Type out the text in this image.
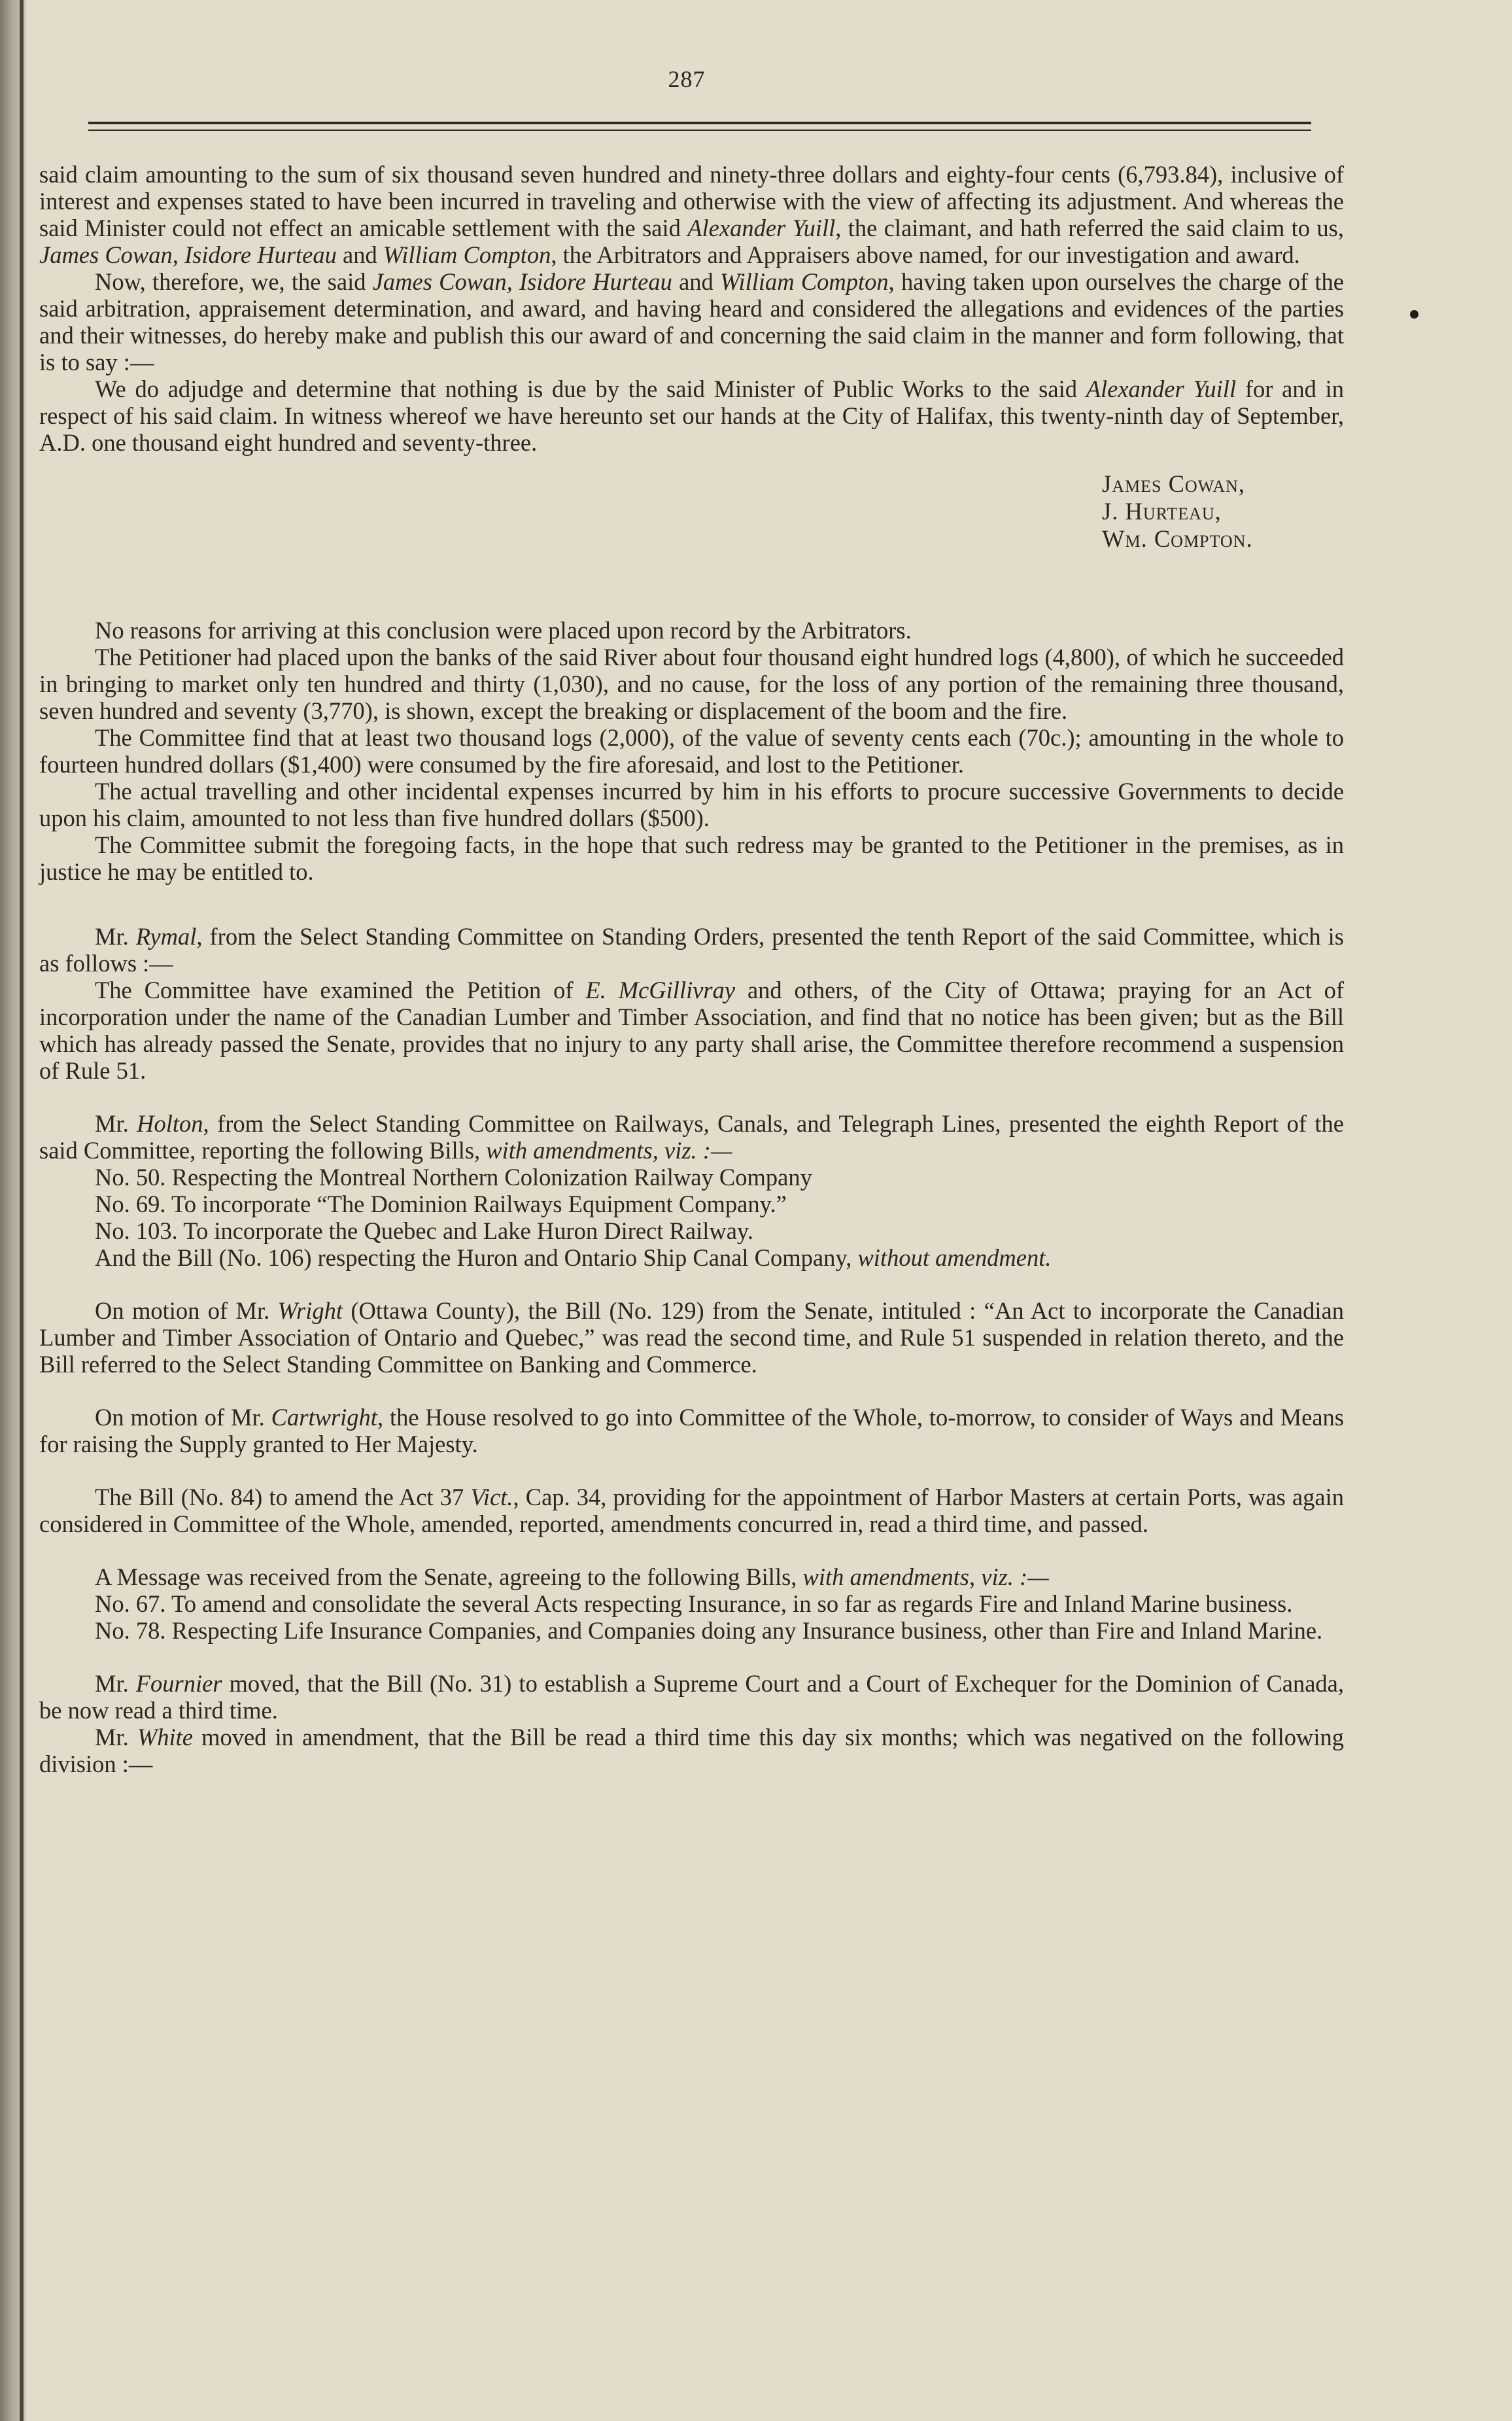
287

said claim amounting to the sum of six thousand seven hundred and ninety-three dollars and eighty-four cents (6,793.84), inclusive of interest and expenses stated to have been incurred in traveling and otherwise with the view of affecting its adjustment. And whereas the said Minister could not effect an amicable settlement with the said Alexander Yuill, the claimant, and hath referred the said claim to us, James Cowan, Isidore Hurteau and William Compton, the Arbitrators and Appraisers above named, for our investigation and award.

Now, therefore, we, the said James Cowan, Isidore Hurteau and William Compton, having taken upon ourselves the charge of the said arbitration, appraisement determination, and award, and having heard and considered the allegations and evidences of the parties and their witnesses, do hereby make and publish this our award of and concerning the said claim in the manner and form following, that is to say :—

We do adjudge and determine that nothing is due by the said Minister of Public Works to the said Alexander Yuill for and in respect of his said claim. In witness whereof we have hereunto set our hands at the City of Halifax, this twenty-ninth day of September, A.D. one thousand eight hundred and seventy-three.

James Cowan,
J. Hurteau,
Wm. Compton.

No reasons for arriving at this conclusion were placed upon record by the Arbitrators.

The Petitioner had placed upon the banks of the said River about four thousand eight hundred logs (4,800), of which he succeeded in bringing to market only ten hundred and thirty (1,030), and no cause, for the loss of any portion of the remaining three thousand, seven hundred and seventy (3,770), is shown, except the breaking or displacement of the boom and the fire.

The Committee find that at least two thousand logs (2,000), of the value of seventy cents each (70c.); amounting in the whole to fourteen hundred dollars ($1,400) were consumed by the fire aforesaid, and lost to the Petitioner.

The actual travelling and other incidental expenses incurred by him in his efforts to procure successive Governments to decide upon his claim, amounted to not less than five hundred dollars ($500).

The Committee submit the foregoing facts, in the hope that such redress may be granted to the Petitioner in the premises, as in justice he may be entitled to.

Mr. Rymal, from the Select Standing Committee on Standing Orders, presented the tenth Report of the said Committee, which is as follows :—

The Committee have examined the Petition of E. McGillivray and others, of the City of Ottawa; praying for an Act of incorporation under the name of the Canadian Lumber and Timber Association, and find that no notice has been given; but as the Bill which has already passed the Senate, provides that no injury to any party shall arise, the Committee therefore recommend a suspension of Rule 51.

Mr. Holton, from the Select Standing Committee on Railways, Canals, and Telegraph Lines, presented the eighth Report of the said Committee, reporting the following Bills, with amendments, viz. :—

No. 50. Respecting the Montreal Northern Colonization Railway Company

No. 69. To incorporate “The Dominion Railways Equipment Company.”

No. 103. To incorporate the Quebec and Lake Huron Direct Railway.

And the Bill (No. 106) respecting the Huron and Ontario Ship Canal Company, without amendment.

On motion of Mr. Wright (Ottawa County), the Bill (No. 129) from the Senate, intituled : “An Act to incorporate the Canadian Lumber and Timber Association of Ontario and Quebec,” was read the second time, and Rule 51 suspended in relation thereto, and the Bill referred to the Select Standing Committee on Banking and Commerce.

On motion of Mr. Cartwright, the House resolved to go into Committee of the Whole, to-morrow, to consider of Ways and Means for raising the Supply granted to Her Majesty.

The Bill (No. 84) to amend the Act 37 Vict., Cap. 34, providing for the appointment of Harbor Masters at certain Ports, was again considered in Committee of the Whole, amended, reported, amendments concurred in, read a third time, and passed.

A Message was received from the Senate, agreeing to the following Bills, with amendments, viz. :—

No. 67. To amend and consolidate the several Acts respecting Insurance, in so far as regards Fire and Inland Marine business.

No. 78. Respecting Life Insurance Companies, and Companies doing any Insurance business, other than Fire and Inland Marine.

Mr. Fournier moved, that the Bill (No. 31) to establish a Supreme Court and a Court of Exchequer for the Dominion of Canada, be now read a third time.

Mr. White moved in amendment, that the Bill be read a third time this day six months; which was negatived on the following division :—
